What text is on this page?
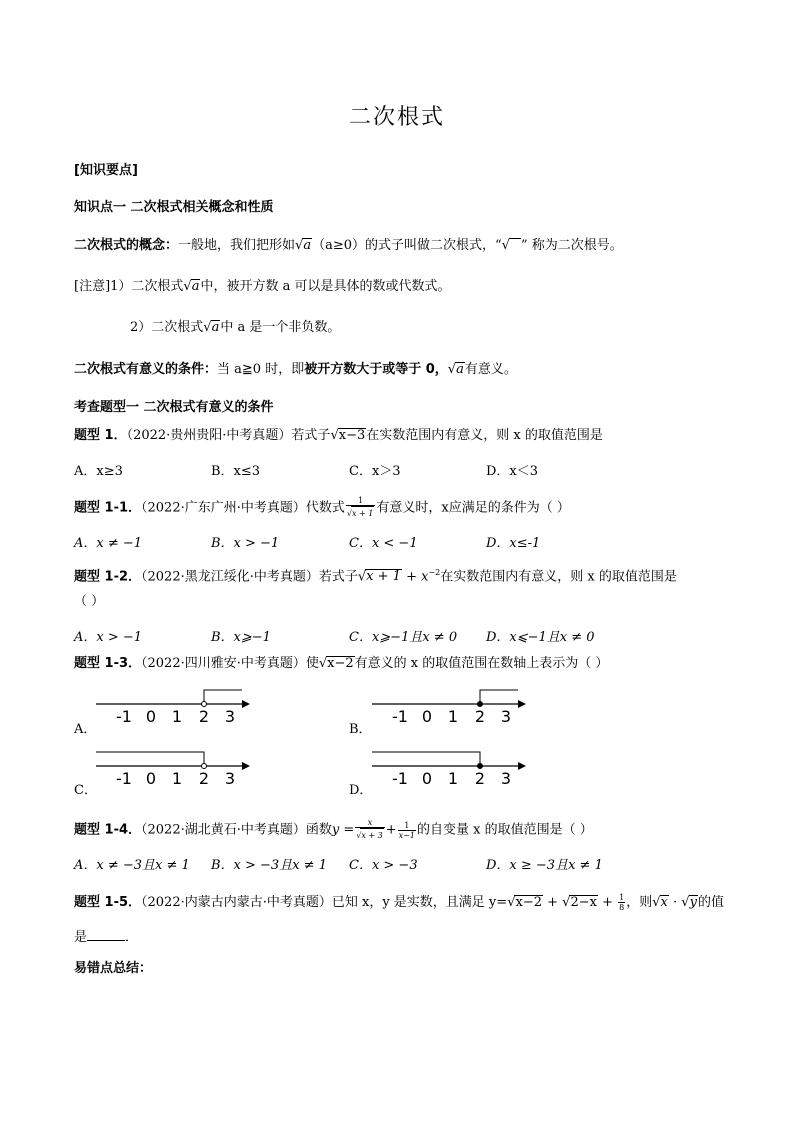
二次根式
[知识要点]
知识点一 二次根式相关概念和性质
二次根式的概念：一般地，我们把形如√a（a≥0）的式子叫做二次根式，“√ ” 称为二次根号。
[注意]1）二次根式√a中，被开方数 a 可以是具体的数或代数式。
2）二次根式√a中 a 是一个非负数。
二次根式有意义的条件：当 a≧0 时，即被开方数大于或等于 0，√a有意义。
考查题型一 二次根式有意义的条件
题型 1．（2022·贵州贵阳·中考真题）若式子√x−3在实数范围内有意义，则 x 的取值范围是
A．x≥3	B．x≤3	C．x＞3	D．x＜3
题型 1-1．（2022·广东广州·中考真题）代数式 $\frac{1}{√x + 1}$ 有意义时，x应满足的条件为（ ）
A．x ≠ −1	B．x > −1	C．x < −1	D．x≤-1
题型 1-2．（2022·黑龙江绥化·中考真题）若式子$√x + 1 + x^{-2}$在实数范围内有意义，则 x 的取值范围是
（ ）
A．x > −1	B．x⩾−1	C．x⩾−1且x ≠ 0 D．x⩽−1且x ≠ 0
题型 1-3．（2022·四川雅安·中考真题）使√x−2有意义的 x 的取值范围在数轴上表示为（ ）
A．	B．
C．	D．
-1 0 1 2 3	-1 0 1 2 3
-1 0 1 2 3	-1 0 1 2 3
题型 1-4．（2022·湖北黄石·中考真题）函数$y = \frac{x}{√x + 3} + \frac{1}{x-1}$ 的自变量 x 的取值范围是（ ）
A．x ≠ −3且x ≠ 1 B．x > −3且x ≠ 1 C．x > −3	D．x ≥ −3且x ≠ 1
题型 1-5．（2022·内蒙古内蒙古·中考真题）已知 x，y 是实数，且满足 $y=√x-2 + √2-x + \frac{1}{8}$ ，则√x · √y的值
是	．
易错点总结：
